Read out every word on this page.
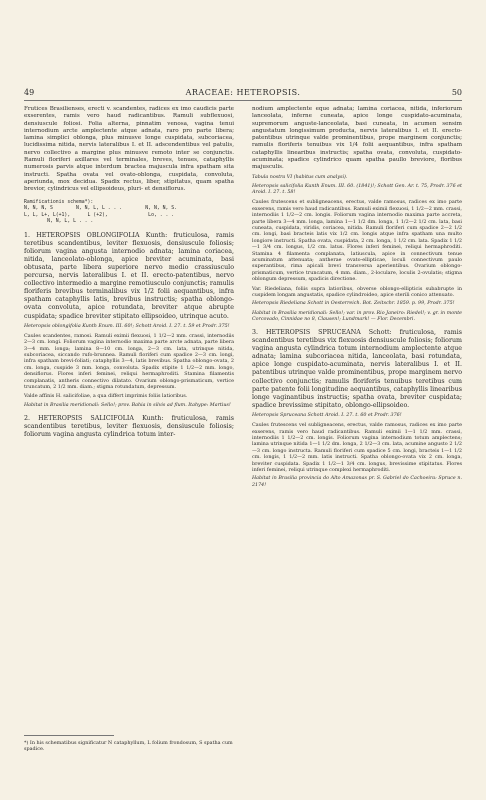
49	ARACEAE: HETEROPSIS.	50

Frutices Brasilienses, erecti v. scandentes, radices ex imo caudicis parte exserentes, ramis vero haud radicantibus. Ramuli subflexuosi, densiuscule foliosi. Folia alterna, pinnatim venosa, vagina tenui internodium arcte amplectente atque adnata, raro pro parte libera; lamina simplici oblonga, plus minusve longe cuspidata, subcoriacea, lucidissima nitida, nervis lateralibus I. et II. adscendentibus vel patulis, nervo collectivo a margine plus minusve remoto inter se conjunctis. Ramuli floriferi axillares vel terminales, breves, tenues, cataphyllis numerosis parvis atque interdum bractea majuscula infra spatham sita instructi. Spatha ovata vel ovato-oblonga, cuspidata, convoluta, aperiunda, mox decidua. Spadix rectus, liber, stipitatus, quam spatha brevior, cylindricus vel ellipsoideus, pluri- et densiflorus.

Ramificationis schema*):
N, N, N, S        N, N, L, L . . .        N, N, N, S.
L, L, L+, L(+1),      L (+2),              Lo, . . .
N, N, L, L . . .

1. HETEROPSIS OBLONGIFOLIA Kunth: fruticulosa, ramis teretibus scandentibus, leviter flexuosis, densiuscule foliosis; foliorum vagina angusta internodio adnata; lamina coriacea, nitida, lanceolato-oblonga, apice breviter acuminata, basi obtusata, parte libera superiore nervo medio crassiusculo percursa, nervis lateralibus I. et II. erecto-patentibus, nervo collectivo intermedio a margine remotiusculo conjunctis; ramulis floriferis brevibus terminalibus vix 1/2 folii aequantibus, infra spatham cataphyllis latis, brevibus instructis; spatha oblongo-ovata convoluta, apice rotundata, breviter atque abrupte cuspidata; spadice breviter stipitato ellipsoideo, utrinque acuto.

Heteropsis oblongifolia Kunth Enum. III. 60!; Schott Aroid. I. 27. t. 59 et Prodr. 375!

Caules scandentes, ramosi. Ramuli eximii flexuosi, 1 1/2—2 mm. crassi, internodiis 2—3 cm. longi. Foliorum vagina internodio maxima parte arcte adnata, parte libera 3—4 mm. longa; lamina 8—10 cm. longa, 2—3 cm. lata, utrinque nitida, subcoriacea, siccando rufo-brunnea. Ramuli floriferi cum spadice 2—3 cm. longi, infra spatham brevi-foliati; cataphyllis 3—4, latis brevibus. Spatha oblongo-ovata, 2 cm. longa, cuspide 3 mm. longa, convoluta. Spadix stipite 1 1/2—2 mm. longo, densiflorus. Flores inferi feminei, reliqui hermaphroditi. Stamina filamentis complanatis, antheris connectivo dilatato. Ovarium oblongo-prismaticum, vertice truncatum, 2 1/2 mm. diam.; stigma rotundatum, depressum.

Valde affinis H. salicifoliae, a qua differt imprimis foliis latioribus.

Habitat in Brasilia meridionali: Sello!; prov. Bahia in silvis ad flum. Itahype: Martius!

2. HETEROPSIS SALICIFOLIA Kunth: fruticulosa, ramis scandentibus teretibus, leviter flexuosis, densiuscule foliosis; foliorum vagina angusta cylindrica totum inter-

nodium amplectente eque adnata; lamina coriacea, nitida, inferiorum lanceolata, inferne cuneata, apice longe cuspidato-acuminata, supremorum anguste-lanceolata, basi cuneata, in acumen sensim angustatum longissimum producta, nervis lateralibus I. et II. erecto-patentibus utrinque valde prominentibus, prope marginem conjunctis; ramulis floriferis tenuibus vix 1/4 folii aequantibus, infra spatham cataphyllis linearibus instructis; spatha ovata, convoluta, cuspidato-acuminata; spadice cylindrico quam spatha paullo breviore, floribus majusculis.

Tabula nostra VI (habitus cum analysi).

Heteropsis salicifolia Kunth Enum. III. 60. (1841)!; Schott Gen. Ar. t. 75, Prodr. 376 et Aroid. I. 27. t. 58!

Caules frutescens et subligneacens, erectus, valde ramosus, radices ex imo parte exserens, ramis vero haud radicantibus. Ramuli eximii flexuosi, 1 1/2—2 mm. crassi, internodiis 1 1/2—2 cm. longis. Foliorum vagina internodio maxima parte accreta, parte libera 3—4 mm. longa, lamina 1—1 1/2 dm. longa, 1 1/2—2 1/2 cm. lata, basi cuneata, cuspidata, viridis, coriacea, nitida. Ramuli floriferi cum spadice 2—2 1/2 cm. longi, basi bracteis latis vix 1/2 cm. longis atque infra spatham una multo longiore instructi. Spatha ovata, cuspidata, 2 cm. longa, 1 1/2 cm. lata. Spadix 1 1/2—1 3/4 cm. longus, 1/2 cm. latus. Flores inferi feminei, reliqui hermaphroditi. Stamina 4 filamenta complanata, latiuscula, apice in connectivum tenue acuminatum attenuata; antherae ovato-ellipticae, loculi connectivum paulo superantibus, rima apicali brevi transversa aperientibus. Ovarium oblongo-prismaticum, vertice truncatum, 4 mm. diam., 2-loculare, loculis 2-ovulatis; stigma oblongum depressum, spadicis directione.

Var. Riedeliana, foliis supra latioribus, obverse oblongo-ellipticis subabrupte in cuspidem longam angustatis, spadice cylindroideo, apice sterili conico attenuato.

Heteropsis Riedeliana Schott in Oesterreich. Bot. Zeitschr. 1859. p. 99, Prodr. 375!

Habitat in Brasilia meridionali: Sello!; var. in prov. Rio Janeiro: Riedel!; v. gr. in monte Corcovado, Cinnidae no 8, Clausen!; Lundmark! — Flor. Decembri.

3. HETEROPSIS SPRUCEANA Schott: fruticulosa, ramis scandentibus teretibus vix flexuosis densiuscule foliosis; foliorum vagina angusta cylindrica totum internodium amplectente atque adnata; lamina subcoriacea nitida, lanceolata, basi rotundata, apice longe cuspidato-acuminata, nervis lateralibus I. et II. patentibus utrinque valde prominentibus, prope marginem nervo collectivo conjunctis; ramulis floriferis tenuibus teretibus cum parte patente folii longitudine aequantibus, cataphyllis linearibus longe vaginantibus instructis; spatha ovata, breviter cuspidata; spadice brevissime stipitato, oblongo-ellipsoideo.

Heteropsis Spruceana Schott Aroid. I. 27. t. 60 et Prodr. 376!

Caules frutescens vel subligneacens, erectus, valde ramosus, radices ex imo parte exserens, ramis vero haud radicantibus. Ramuli eximii 1—1 1/2 mm. crassi, internodiis 1 1/2—2 cm. longis. Foliorum vagina internodium totum amplectens; lamina utrinque nitida 1—1 1/2 dm. longa, 2 1/2—3 cm. lata, acumine angusto 2 1/2—3 cm. longo instructa. Ramuli floriferi cum spadice 5 cm. longi, bracteis 1—1 1/2 cm. longis, 1 1/2—2 mm. latis instructi. Spatha oblongo-ovata vix 2 cm. longa, breviter cuspidata. Spadix 1 1/2—1 3/4 cm. longus, brevissime stipitatus. Flores inferi feminei, reliqui utrinque complexi hermaphroditi.

Habitat in Brasilia provincia do Alto Amazonas pr. S. Gabriel do Cachoeira: Spruce n. 2174!

*) In his schematibus significatur N cataphyllum, L folium frondosum, S spatha cum spadice.
